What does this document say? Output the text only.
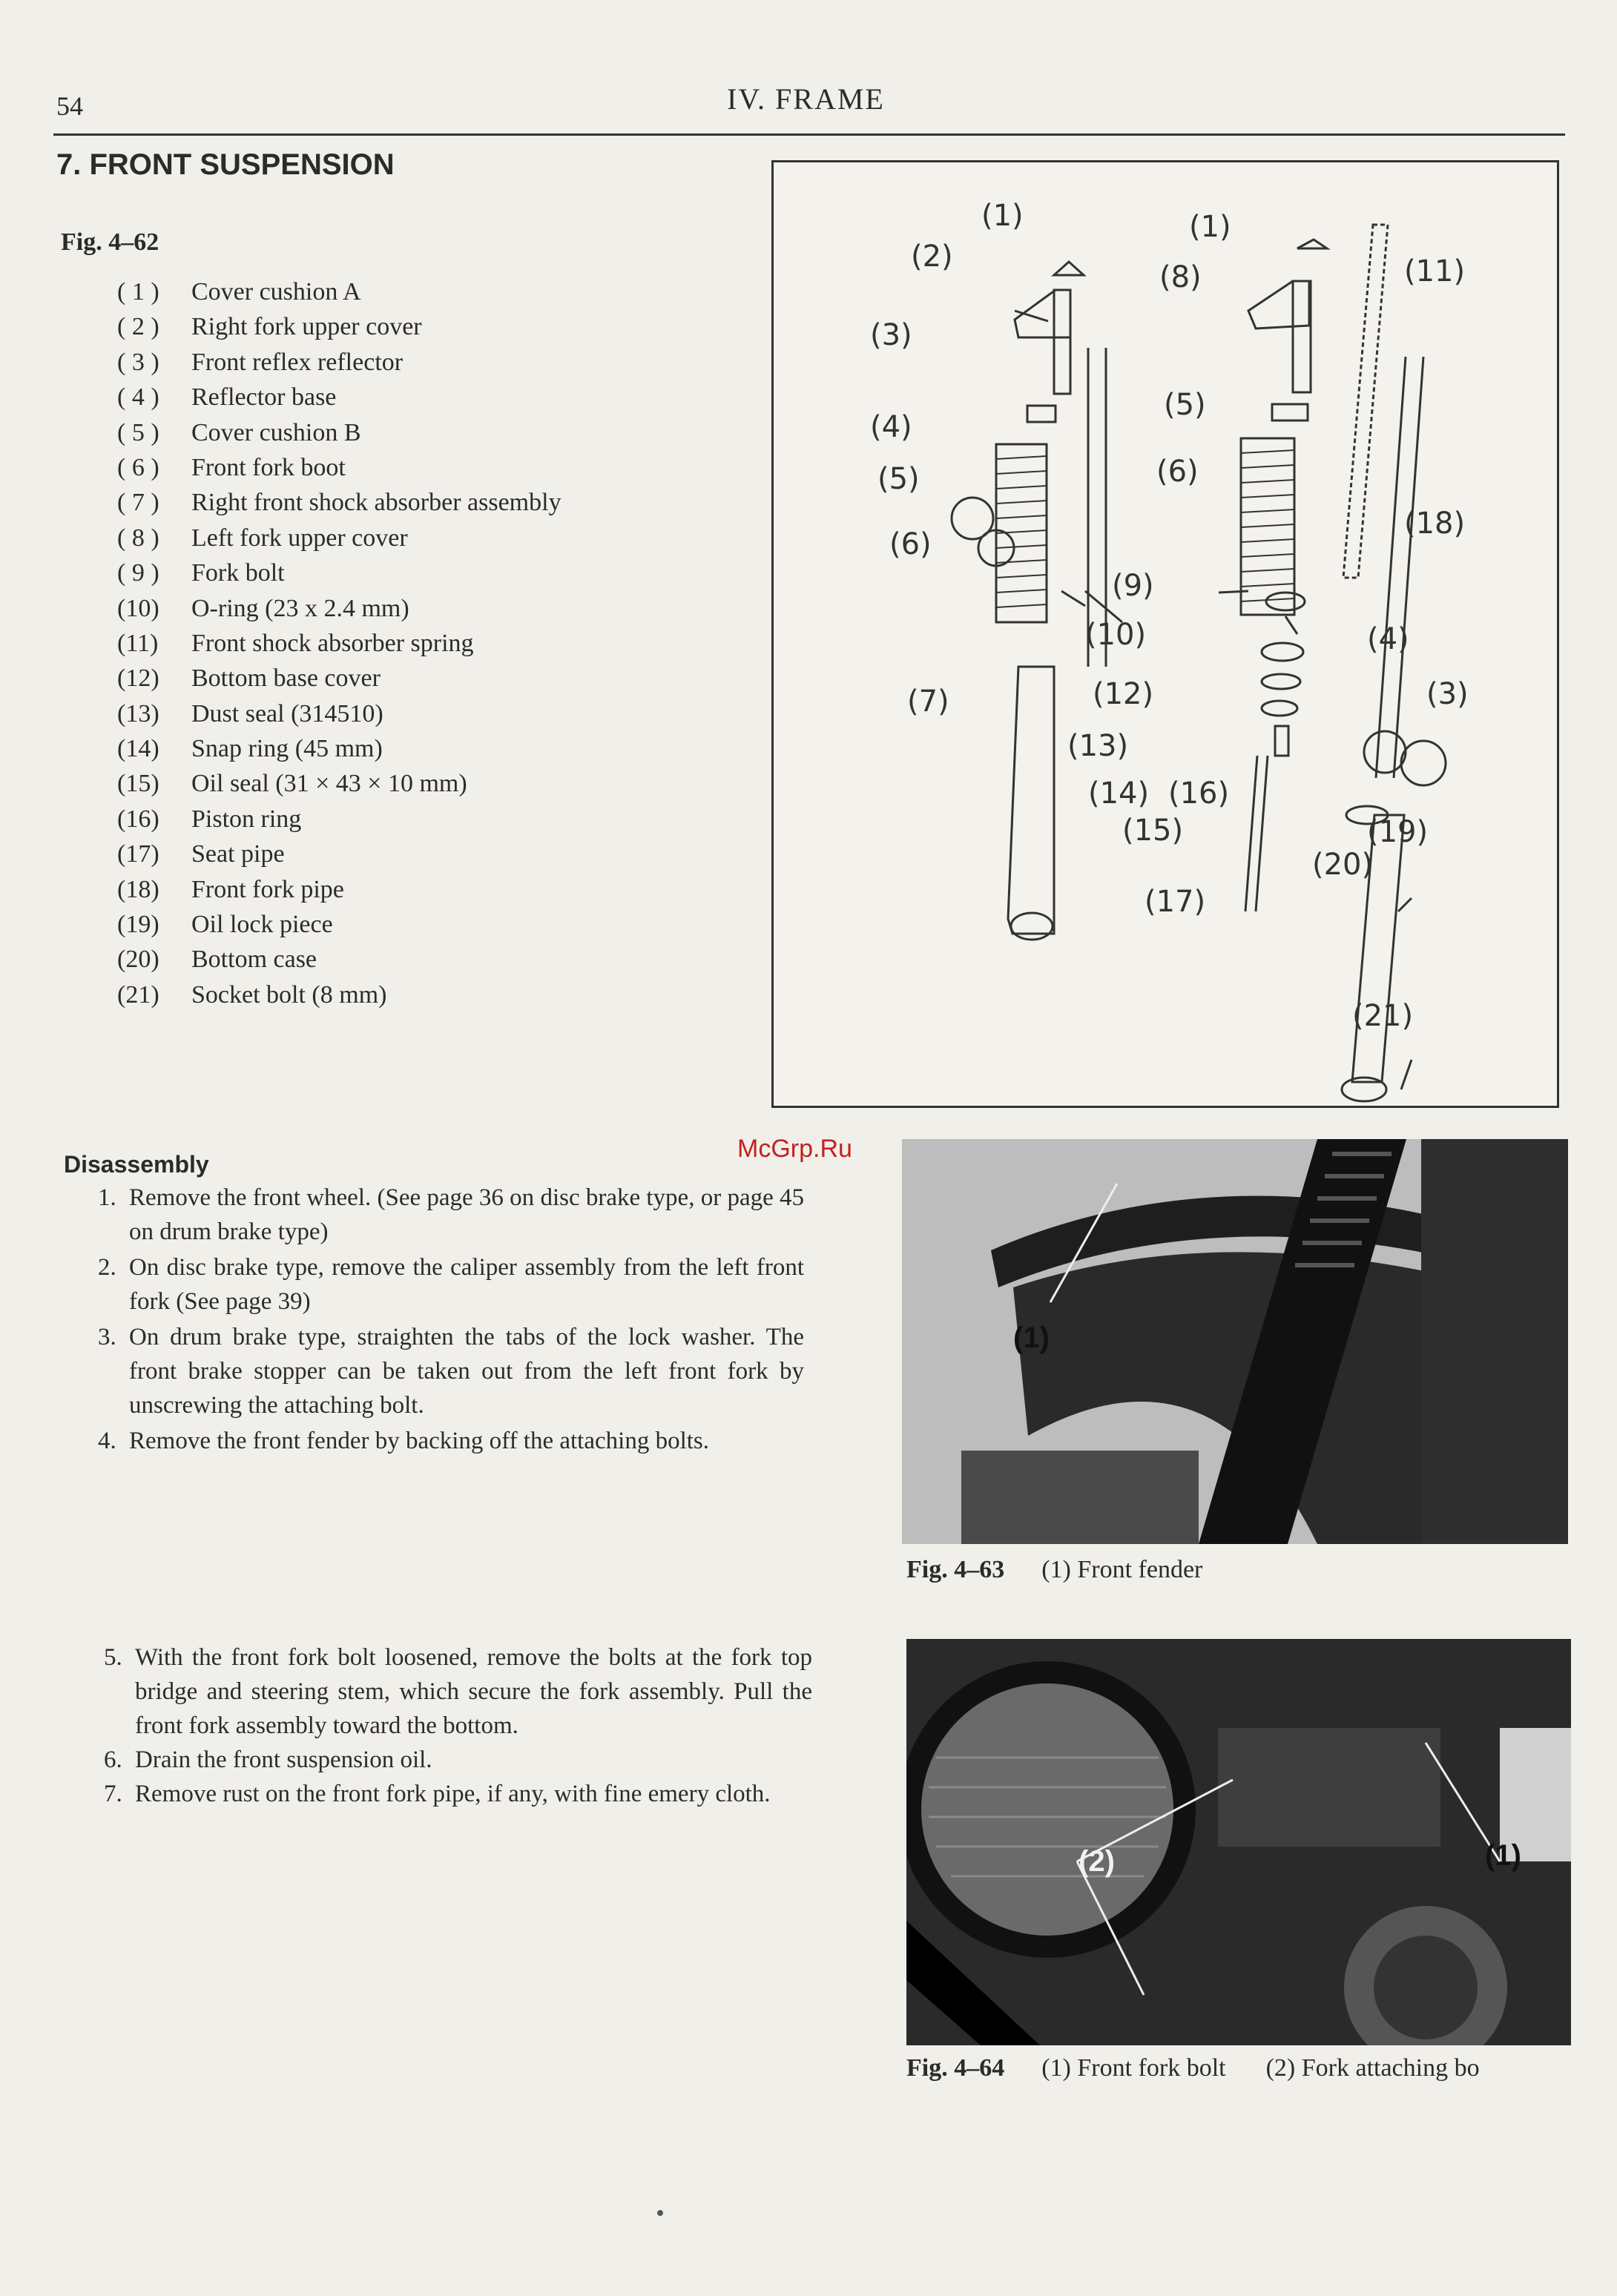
54	IV. FRAME
7. FRONT SUSPENSION
Fig. 4–62
( 1 ) Cover cushion A
( 2 ) Right fork upper cover
( 3 ) Front reflex reflector
( 4 ) Reflector base
( 5 ) Cover cushion B
( 6 ) Front fork boot
( 7 ) Right front shock absorber assembly
( 8 ) Left fork upper cover
( 9 ) Fork bolt
(10) O-ring (23 x 2.4 mm)
(11) Front shock absorber spring
(12) Bottom base cover
(13) Dust seal (314510)
(14) Snap ring (45 mm)
(15) Oil seal (31 × 43 × 10 mm)
(16) Piston ring
(17) Seat pipe
(18) Front fork pipe
(19) Oil lock piece
(20) Bottom case
(21) Socket bolt (8 mm)
(1)
(2)
(3)
(4)
(5)
(6)
(7)
(1)
(8)	(11)
(5)
(6)
(18)
(9)
(10)
(12)
(13)
(4)
(3)
(14) (16)
(15)	(19)
(20)
(17)
(21)
McGrp.Ru
Disassembly
1. Remove the front wheel. (See page 36 on disc brake type, or page 45 on drum brake type)
2. On disc brake type, remove the caliper assembly from the left front fork (See page 39)
3. On drum brake type, straighten the tabs of the lock washer. The front brake stopper can be taken out from the left front fork by unscrewing the attaching bolt.
4. Remove the front fender by backing off the attaching bolts.
5. With the front fork bolt loosened, remove the bolts at the fork top bridge and steering stem, which secure the fork assembly. Pull the front fork assembly toward the bottom.
6. Drain the front suspension oil.
7. Remove rust on the front fork pipe, if any, with fine emery cloth.
(1)
Fig. 4–63 (1) Front fender
(2)	(1)
Fig. 4–64 (1) Front fork bolt (2) Fork attaching bo
